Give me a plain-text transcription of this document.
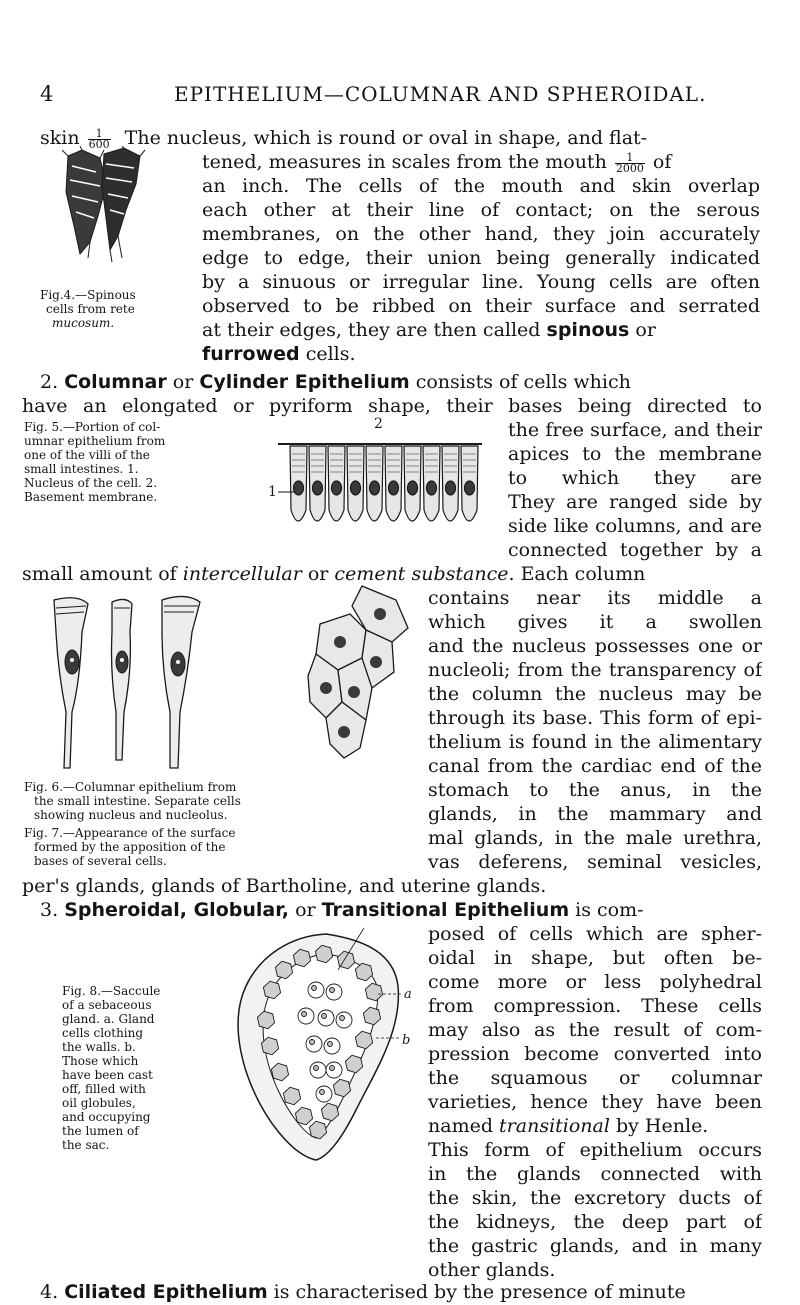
4	EPITHELIUM—COLUMNAR AND SPHEROIDAL.
skin $\frac{1}{600}$ The nucleus, which is round or oval in shape, and flat-
tened, measures in scales from the mouth $\frac{1}{2000}$ of
an inch. The cells of the mouth and skin overlap
each other at their line of contact; on the serous
membranes, on the other hand, they join accurately
edge to edge, their union being generally indicated
by a sinuous or irregular line. Young cells are often
observed to be ribbed on their surface and serrated
at their edges, they are then called spinous or
furrowed cells.
Fig.4.—Spinous
cells from rete
mucosum.
2. Columnar or Cylinder Epithelium consists of cells which
have an elongated or pyriform shape, their bases being directed to
Fig. 5.—Portion of col-
umnar epithelium from
one of the villi of the
small intestines. 1.
Nucleus of the cell. 2.
Basement membrane.
2
1
the free surface, and their
apices to the membrane
to which they are
They are ranged side by
side like columns, and are
connected together by a
small amount of intercellular or cement substance. Each column
contains near its middle a
which gives it a swollen
and the nucleus possesses one or
nucleoli; from the transparency of
the column the nucleus may be
through its base. This form of epi-
thelium is found in the alimentary
canal from the cardiac end of the
stomach to the anus, in the
glands, in the mammary and
mal glands, in the male urethra,
vas deferens, seminal vesicles,
Fig. 6.—Columnar epithelium from
the small intestine. Separate cells
showing nucleus and nucleolus.
Fig. 7.—Appearance of the surface
formed by the apposition of the
bases of several cells.
per's glands, glands of Bartholine, and uterine glands.
3. Spheroidal, Globular, or Transitional Epithelium is com-
Fig. 8.—Saccule
of a sebaceous
gland. a. Gland
cells clothing
the walls. b.
Those which
have been cast
off, filled with
oil globules,
and occupying
the lumen of
the sac.
a
b
posed of cells which are spher-
oidal in shape, but often be-
come more or less polyhedral
from compression. These cells
may also as the result of com-
pression become converted into
the squamous or columnar
varieties, hence they have been
named transitional by Henle.
This form of epithelium occurs
in the glands connected with
the skin, the excretory ducts of
the kidneys, the deep part of
the gastric glands, and in many
other glands.
4. Ciliated Epithelium is characterised by the presence of minute
